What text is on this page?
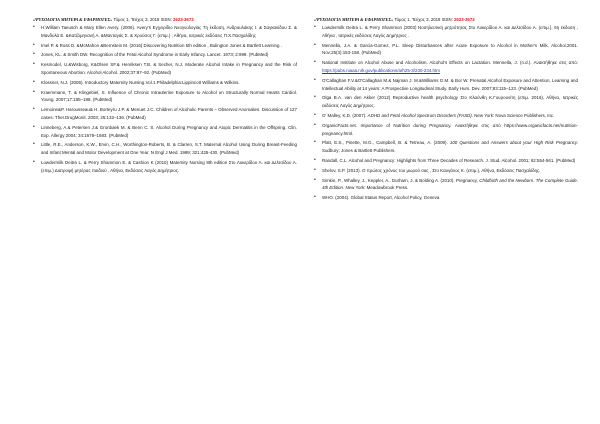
«ΨΥΧΟΛΟΓΙΑ ΜΗΤΕΡΑ & ΕΦΑΡΜΟΓΕΣ» Τόμος 1, Τεύχος 3, 2018 ISSN: 2623-3673
• H.William Taeusch & Mary Ellen Avery. (2006). Avery's Εγχειρίδιο Νεογνολογίας 7η έκδοση, Ανδρουλάκης Ι. & Σαγκανίδου Σ. & Μανδυλά Ε. &Κατζόμηνανή Α. &Μανταγάς Σ. & Χρούσος Γ. (επιμ.) , Αθήνα, Ιατρικές εκδόσεις Π.Χ.Πασχαλίδης
• Imel P. & Ross D. &McMahon &Bernstein M. (2016) Discovering Nutrition 5th edition , Bulington Jones & Bartlett Learning .
• Jones, KL. & Smith DW. Recognition of the Fetal Alcohol Syndrome in Early Infancy. Lancet. 1973; 2:999. (PubMed)
• Kesmodel, U.&Wisborg, K&Olsen SF.& Henriksen T.B. & Secher, N.J. Moderate Alcohol Intake in Pregnancy and the Risk of Spontaneous Abortion. Alcohol Alcohol. 2002;37:87–92. (PubMed)
• Klossner, N.J. (2006). Introductory Maternity Nursing.Vol.1.Philadelphia:Lippincott Williams & Wilkins.
• Kraemmann, T. & Klingebiel, S. Influence of Chronic Intrauterine Exposure to Alcohol on Structurally Normal Hearts Cardiol. Young. 2007;17:185–188. (PubMed)
• Lemoine&P. Harousseau& H. Borteyru J.P. & Menuet J.C. Children of Alcoholic Parents – Observed Anomalies. Discussion of 127 cases. Ther.DrugMonit. 2003; 25:132–136. (PubMed)
• Linneberg, A.& Petersen J.& Gronbaek M. & Benn C. S. Alcohol During Pregnancy and Atopic Dermatitis in the Offspring. Clin. Exp. Allergy 2004; 34:1678–1683. (PubMed)
• Little, R.E., Anderson, K.W., Ervin, C.H., Worthington-Roberts, B. & Clarren, S.T. Maternal Alcohol Using During Breast-Feeding and Infant Mental and Motor Development at One Year. N Engl J Med. 1989; 321:425-430. (PubMed)
• Lowdermilk Deitra L. & Perry Shammon E. & Cashion K (2010) Maternity Nursing 8th edition Στο Λυκερίδου Α. και Δελτσίδου Α. (επιμ.) Διατροφή μητέρας παιδιού , Αθήνα, Εκδόσεις Λαγός Δημήτριος.
«ΨΥΧΟΛΟΓΙΑ ΜΗΤΕΡΑ & ΕΦΑΡΜΟΓΕΣ» Τόμος 1, Τεύχος 3, 2018 ISSN: 2623-3673
• Lowdermilk Deitra L. & Perry Shammon (2003) Νοσηλευτική μητρότητας Στο Λυκερίδου Α. και Δελτσίδου Α. (επιμ.), 6η έκδοση , Αθήνα , Ιατρικές εκδόσεις Λαγός Δημήτριος .
• Mennella, J.A. & Garcia-Gomez, P.L. Sleep Disturbances after Acute Exposure to Alcohol in Mother's Milk. Alcohol.2001. Nov;25(3):153-158. (PubMed)
• National Institute on Alcohol Abuse and Alcoholism. Alcohol's Effects on Lactation. Mennella, J. (n.d.). Ανακτήθηκε στις από: https://pubs.niaaa.nih.gov/publications/arh25-3/230-234.htm
• O'Callaghan F.V.&O'Callaghan M.& Najman J. M.&Williams G.M. & Bor W. Prenatal Alcohol Exposure and Attention, Learning and Intellectual Ability at 14 years: A Prospective Longitudinal Study. Early Hum. Dev. 2007;83:115–123. (PubMed)
• Olga B.A. van den Akker (2012) Reproductive health psychology Στο Κλαύνθη Κ.Γουρουνίτη (επιμ. 2016), Αθήνα, Ιατρικές εκδόσεις Λαγός Δημήτριος.
• O' Malley, K.D. (2007). ADHD and Fetal Alcohol Spectrum Disorders (FASD). New York: Nova Science Publishers, Inc.
• OrganicFacts.net. Importance of Nutrition during Pregnancy. Ανακτήθηκε στις από https://www.organicfacts.net/nutrition-pregnancy.html.
• Platt, E.S., Pinette, M.G., Campbell, B. & Tetreau, A. (2009). 100 Questions and Answers about your High Risk Pregnancy. Sudbury: Jones & Bartlett Publishers.
• Randall, C.L. Alcohol and Pregnancy: Highlights from Three Decades of Research. J. Stud. Alcohol. 2001; 62:554-561. (PubMed)
• Shelov, S.P. (2013). Ο πρώτος χρόνος του μωρού σας , Στο Καυγάνος Κ. (επιμ.), Αθήνα, Εκδόσεις Πασχαλίδης.
• Simkin, P., Whalley, J., Keppler, A., Durham, J. & Bolding A. (2010). Pregnancy, Childbirth and the Newborn. The Complete Guide. 4th Edition. New York: Meadowbrook Press.
• WHO. (2004). Global Status Report, Alcohol Policy, Geneva
